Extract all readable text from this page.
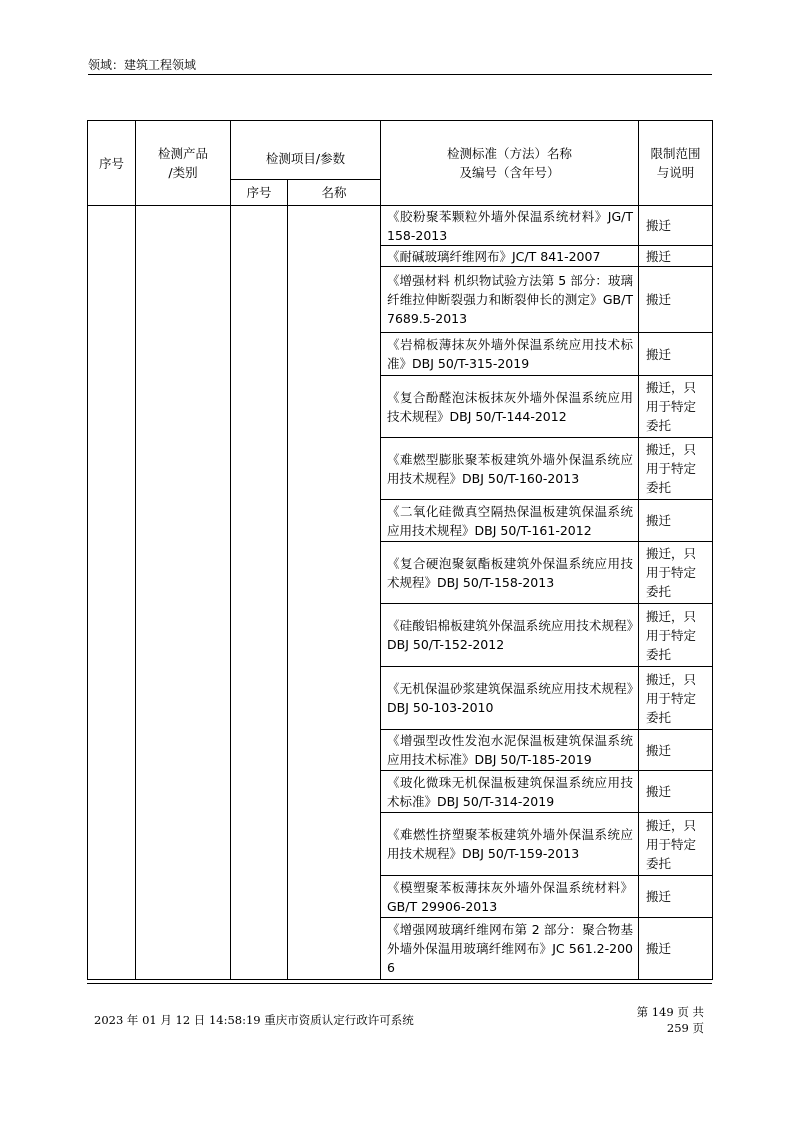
领域：建筑工程领域
序号	检测产品
/类别	检测项目/参数		检测标准（方法）名称
及编号（含年号）	限制范围
与说明
		序号	名称		
				《胶粉聚苯颗粒外墙外保温系统材料》JG/T 158-2013	搬迁
				《耐碱玻璃纤维网布》JC/T 841-2007	搬迁
				《增强材料 机织物试验方法第 5 部分：玻璃纤维拉伸断裂强力和断裂伸长的测定》GB/T 7689.5-2013	搬迁
				《岩棉板薄抹灰外墙外保温系统应用技术标准》DBJ 50/T-315-2019	搬迁
				《复合酚醛泡沫板抹灰外墙外保温系统应用技术规程》DBJ 50/T-144-2012	搬迁，只用于特定委托
				《难燃型膨胀聚苯板建筑外墙外保温系统应用技术规程》DBJ 50/T-160-2013	搬迁，只用于特定委托
				《二氧化硅微真空隔热保温板建筑保温系统应用技术规程》DBJ 50/T-161-2012	搬迁
				《复合硬泡聚氨酯板建筑外保温系统应用技术规程》DBJ 50/T-158-2013	搬迁，只用于特定委托
				《硅酸铝棉板建筑外保温系统应用技术规程》DBJ 50/T-152-2012	搬迁，只用于特定委托
				《无机保温砂浆建筑保温系统应用技术规程》DBJ 50-103-2010	搬迁，只用于特定委托
				《增强型改性发泡水泥保温板建筑保温系统应用技术标准》DBJ 50/T-185-2019	搬迁
				《玻化微珠无机保温板建筑保温系统应用技术标准》DBJ 50/T-314-2019	搬迁
				《难燃性挤塑聚苯板建筑外墙外保温系统应用技术规程》DBJ 50/T-159-2013	搬迁，只用于特定委托
				《模塑聚苯板薄抹灰外墙外保温系统材料》GB/T 29906-2013	搬迁
				《增强网玻璃纤维网布第 2 部分：聚合物基外墙外保温用玻璃纤维网布》JC 561.2-2006	搬迁
2023 年 01 月 12 日 14:58:19 重庆市资质认定行政许可系统
第 149 页 共 259 页
